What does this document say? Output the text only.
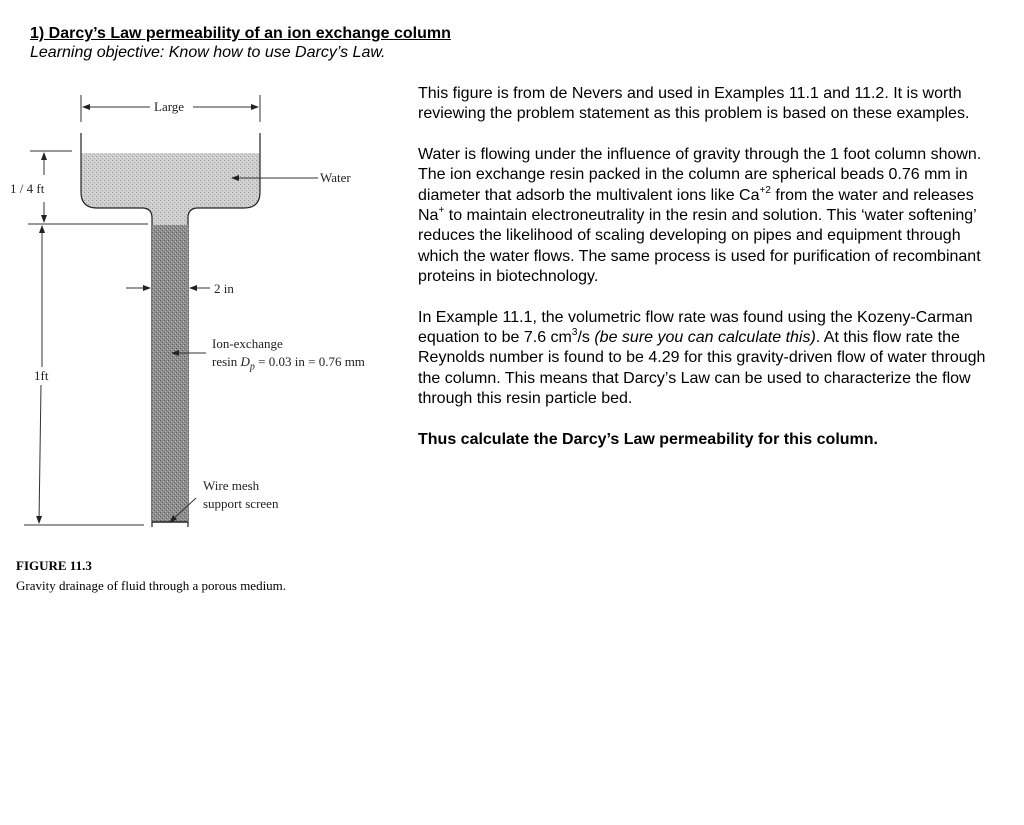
1) Darcy’s Law permeability of an ion exchange column
Learning objective: Know how to use Darcy’s Law.
Large
Water
1 / 4 ft
2 in
1ft
Ion-exchange
resin $D_p = 0.03$ in = 0.76 mm
Wire mesh
support screen
FIGURE 11.3
Gravity drainage of fluid through a porous medium.

This figure is from de Nevers and used in Examples 11.1 and 11.2. It is worth reviewing the problem statement as this problem is based on these examples.

Water is flowing under the influence of gravity through the 1 foot column shown. The ion exchange resin packed in the column are spherical beads 0.76 mm in diameter that adsorb the multivalent ions like $Ca^{+2}$ from the water and releases Na+ to maintain electroneutrality in the resin and solution. This ‘water softening’ reduces the likelihood of scaling developing on pipes and equipment through which the water flows. The same process is used for purification of recombinant proteins in biotechnology.

In Example 11.1, the volumetric flow rate was found using the Kozeny-Carman equation to be 7.6 $cm^3/s$ (be sure you can calculate this). At this flow rate the Reynolds number is found to be 4.29 for this gravity-driven flow of water through the column. This means that Darcy’s Law can be used to characterize the flow through this resin particle bed.

Thus calculate the Darcy’s Law permeability for this column.
